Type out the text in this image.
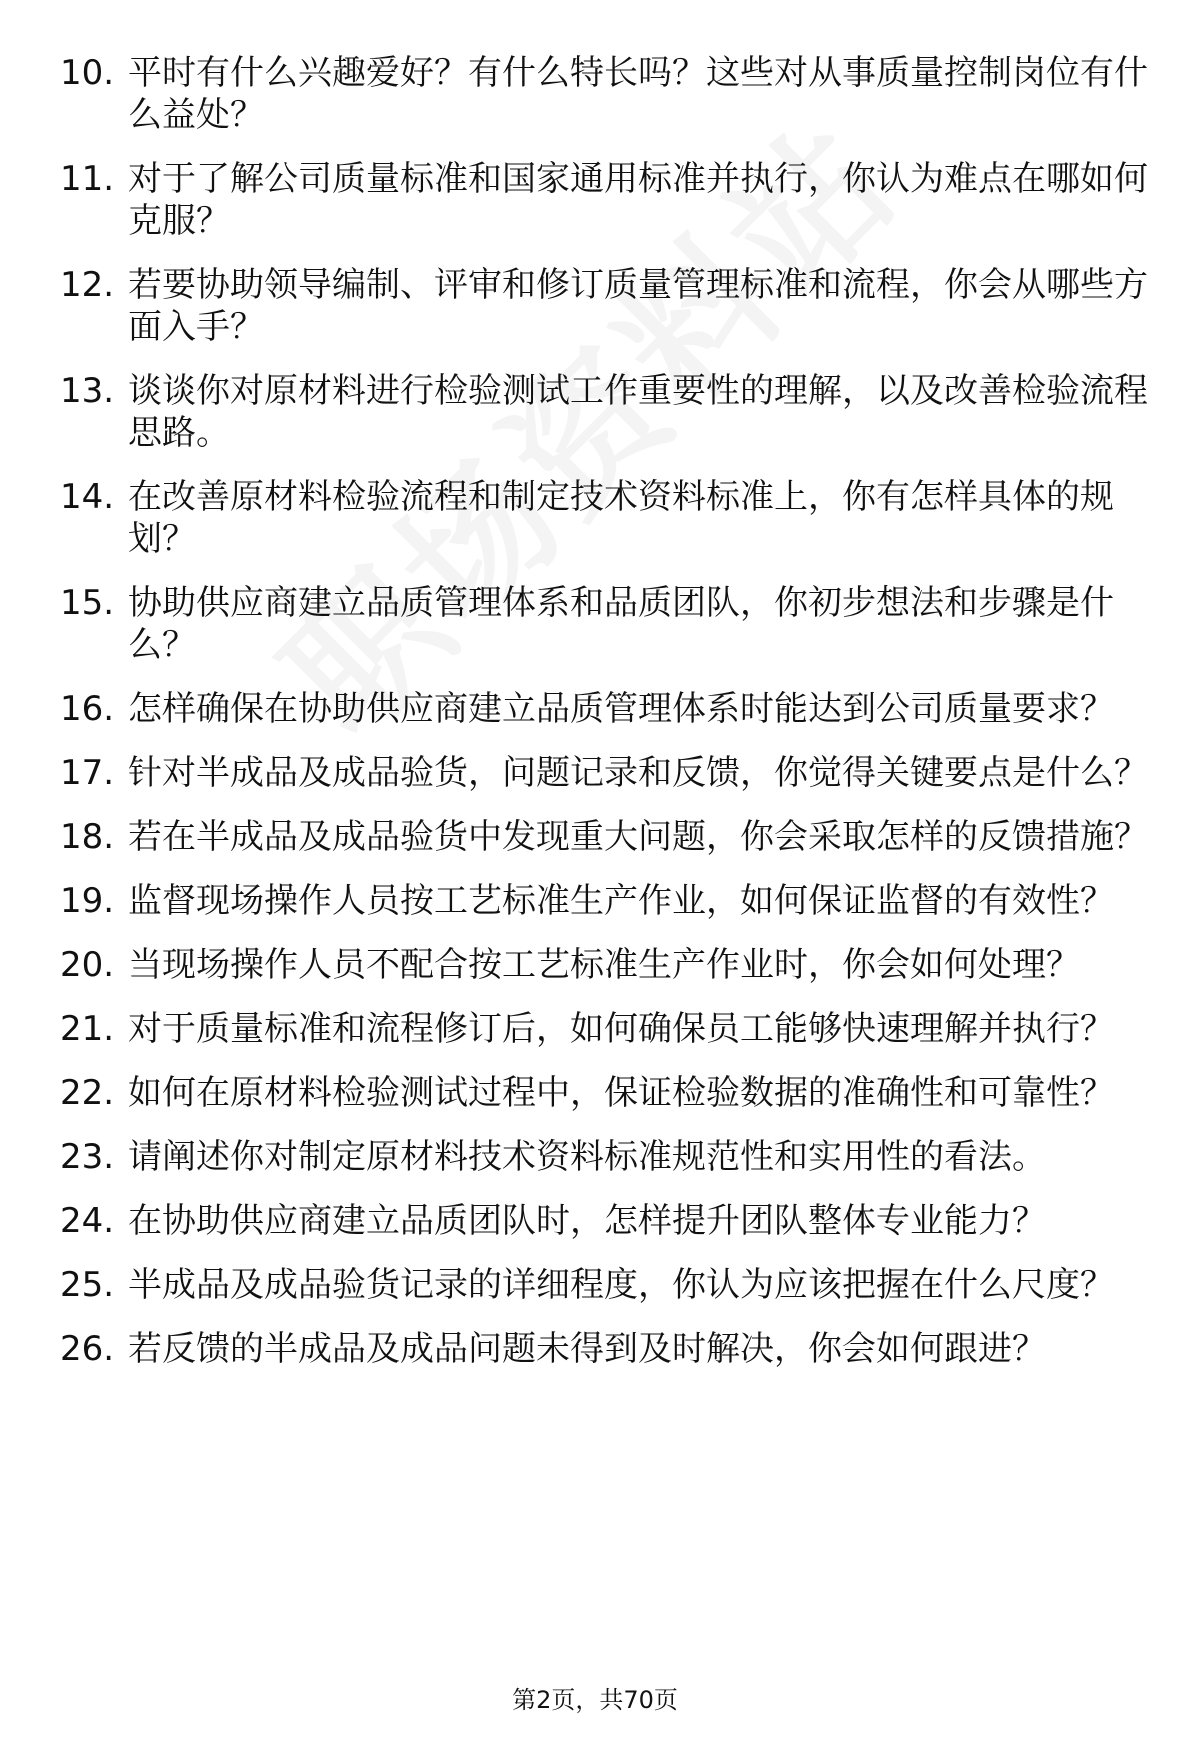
10. 平时有什么兴趣爱好？有什么特长吗？这些对从事质量控制岗位有什么益处？
11. 对于了解公司质量标准和国家通用标准并执行，你认为难点在哪如何克服？
12. 若要协助领导编制、评审和修订质量管理标准和流程，你会从哪些方面入手？
13. 谈谈你对原材料进行检验测试工作重要性的理解，以及改善检验流程思路。
14. 在改善原材料检验流程和制定技术资料标准上，你有怎样具体的规划？
15. 协助供应商建立品质管理体系和品质团队，你初步想法和步骤是什么？
16. 怎样确保在协助供应商建立品质管理体系时能达到公司质量要求？
17. 针对半成品及成品验货，问题记录和反馈，你觉得关键要点是什么？
18. 若在半成品及成品验货中发现重大问题，你会采取怎样的反馈措施？
19. 监督现场操作人员按工艺标准生产作业，如何保证监督的有效性？
20. 当现场操作人员不配合按工艺标准生产作业时，你会如何处理？
21. 对于质量标准和流程修订后，如何确保员工能够快速理解并执行？
22. 如何在原材料检验测试过程中，保证检验数据的准确性和可靠性？
23. 请阐述你对制定原材料技术资料标准规范性和实用性的看法。
24. 在协助供应商建立品质团队时，怎样提升团队整体专业能力？
25. 半成品及成品验货记录的详细程度，你认为应该把握在什么尺度？
26. 若反馈的半成品及成品问题未得到及时解决，你会如何跟进？
第2页，共70页
